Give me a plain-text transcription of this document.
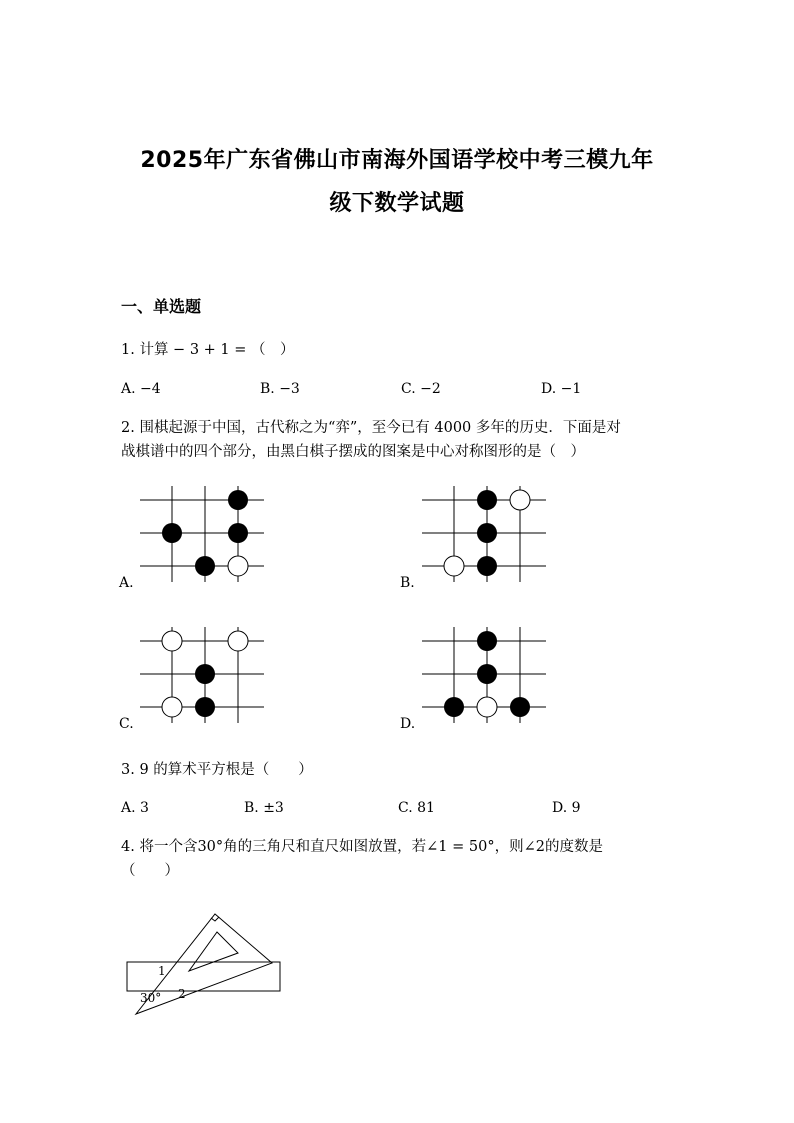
2025年广东省佛山市南海外国语学校中考三模九年
级下数学试题
一、单选题
1. 计算 − 3 + 1 = （　）
A. −4	B. −3	C. −2	D. −1
2. 围棋起源于中国，古代称之为“弈”，至今已有 4000 多年的历史．下面是对
战棋谱中的四个部分，由黑白棋子摆成的图案是中心对称图形的是（　）
A.	B.
C.	D.
3. 9 的算术平方根是（　　）
A. 3	B. ±3	C. 81	D. 9
4. 将一个含30°角的三角尺和直尺如图放置，若∠1 = 50°，则∠2的度数是
（　　）
1
2
30°
